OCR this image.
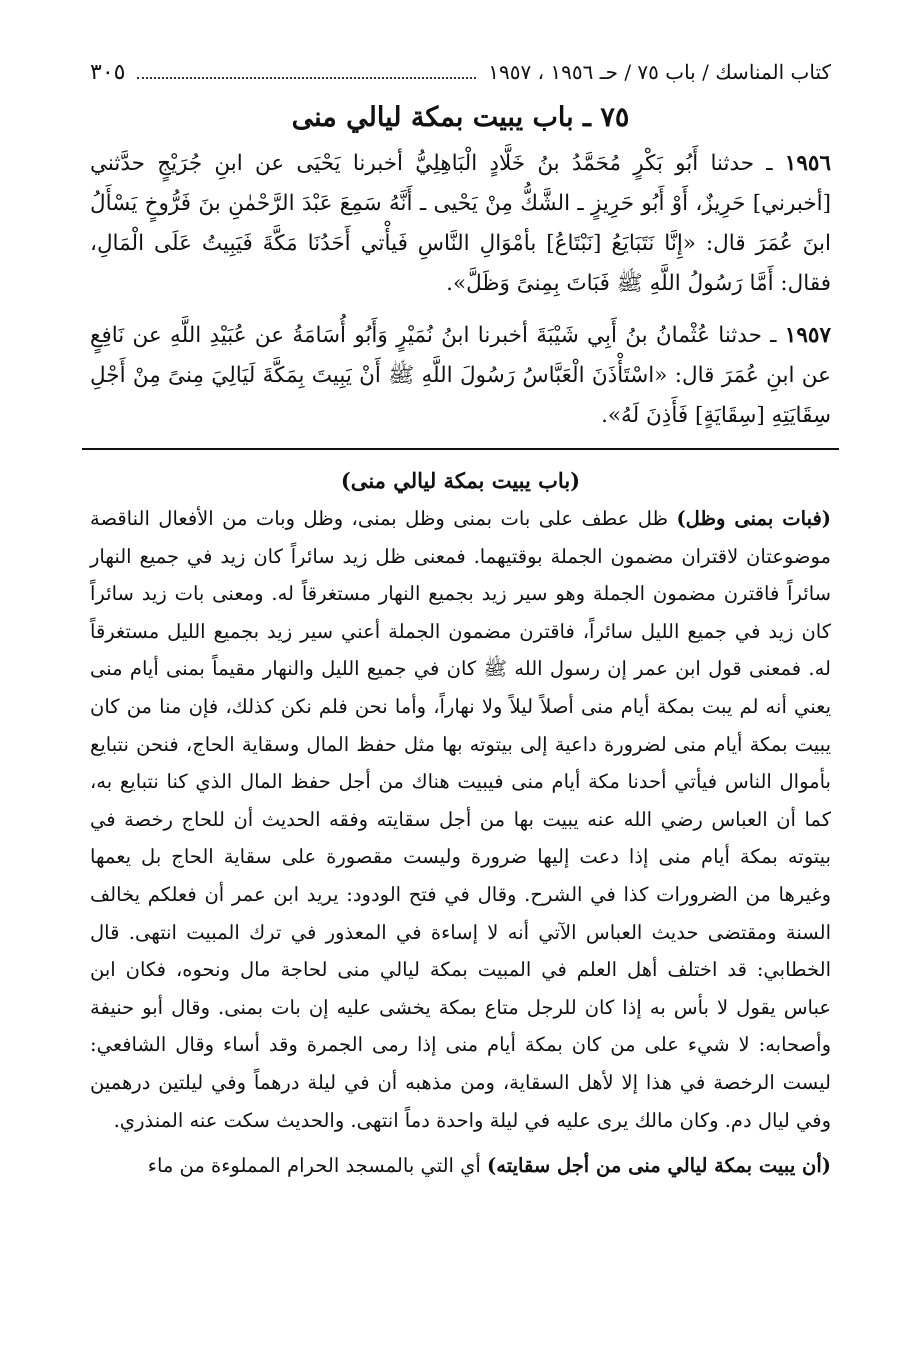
كتاب المناسك / باب ٧٥ / حـ ١٩٥٦ ، ١٩٥٧
٣٠٥
٧٥ ـ باب يبيت بمكة ليالي منى

١٩٥٦ ـ حدثنا أَبُو بَكْرٍ مُحَمَّدُ بنُ خَلَّادٍ الْبَاهِلِيُّ أخبرنا يَحْيَى عن ابنِ جُرَيْجٍ حدَّثني [أخبرني] حَرِيزٌ، أَوْ أَبُو حَرِيزٍ ـ الشَّكُّ مِنْ يَحْيى ـ أَنَّهُ سَمِعَ عَبْدَ الرَّحْمٰنِ بنَ فَرُّوخٍ يَسْأَلُ ابنَ عُمَرَ قال: «إِنَّا نَتَبَايَعُ [نَبْتَاعُ] بأمْوَالِ النَّاسِ فَيأْتي أَحَدُنَا مَكَّةَ فَيَبِيتُ عَلَى الْمَالِ، فقال: أَمَّا رَسُولُ اللَّهِ ﷺ فَبَاتَ بِمِنىً وَظَلَّ».

١٩٥٧ ـ حدثنا عُثْمانُ بنُ أَبِي شَيْبَةَ أخبرنا ابنُ نُمَيْرٍ وَأَبُو أُسَامَةُ عن عُبَيْدِ اللَّهِ عن نَافِعٍ عن ابنِ عُمَرَ قال: «اسْتَأْذَنَ الْعَبَّاسُ رَسُولَ اللَّهِ ﷺ أَنْ يَبِيتَ بِمَكَّةَ لَيَالِيَ مِنىً مِنْ أَجْلِ سِقَايَتِهِ [سِقَايَةٍ] فَأَذِنَ لَهُ».

(باب يبيت بمكة ليالي منى)

(فبات بمنى وظل) ظل عطف على بات بمنى وظل بمنى، وظل وبات من الأفعال الناقصة موضوعتان لاقتران مضمون الجملة بوقتيهما. فمعنى ظل زيد سائراً كان زيد في جميع النهار سائراً فاقترن مضمون الجملة وهو سير زيد بجميع النهار مستغرقاً له. ومعنى بات زيد سائراً كان زيد في جميع الليل سائراً، فاقترن مضمون الجملة أعني سير زيد بجميع الليل مستغرقاً له. فمعنى قول ابن عمر إن رسول الله ﷺ كان في جميع الليل والنهار مقيماً بمنى أيام منى يعني أنه لم يبت بمكة أيام منى أصلاً ليلاً ولا نهاراً، وأما نحن فلم نكن كذلك، فإن منا من كان يبيت بمكة أيام منى لضرورة داعية إلى بيتوته بها مثل حفظ المال وسقاية الحاج، فنحن نتبايع بأموال الناس فيأتي أحدنا مكة أيام منى فيبيت هناك من أجل حفظ المال الذي كنا نتبايع به، كما أن العباس رضي الله عنه يبيت بها من أجل سقايته وفقه الحديث أن للحاج رخصة في بيتوته بمكة أيام منى إذا دعت إليها ضرورة وليست مقصورة على سقاية الحاج بل يعمها وغيرها من الضرورات كذا في الشرح. وقال في فتح الودود: يريد ابن عمر أن فعلكم يخالف السنة ومقتضى حديث العباس الآتي أنه لا إساءة في المعذور في ترك المبيت انتهى. قال الخطابي: قد اختلف أهل العلم في المبيت بمكة ليالي منى لحاجة مال ونحوه، فكان ابن عباس يقول لا بأس به إذا كان للرجل متاع بمكة يخشى عليه إن بات بمنى. وقال أبو حنيفة وأصحابه: لا شيء على من كان بمكة أيام منى إذا رمى الجمرة وقد أساء وقال الشافعي: ليست الرخصة في هذا إلا لأهل السقاية، ومن مذهبه أن في ليلة درهماً وفي ليلتين درهمين وفي ليال دم. وكان مالك يرى عليه في ليلة واحدة دماً انتهى. والحديث سكت عنه المنذري.

(أن يبيت بمكة ليالي منى من أجل سقايته) أي التي بالمسجد الحرام المملوءة من ماء
